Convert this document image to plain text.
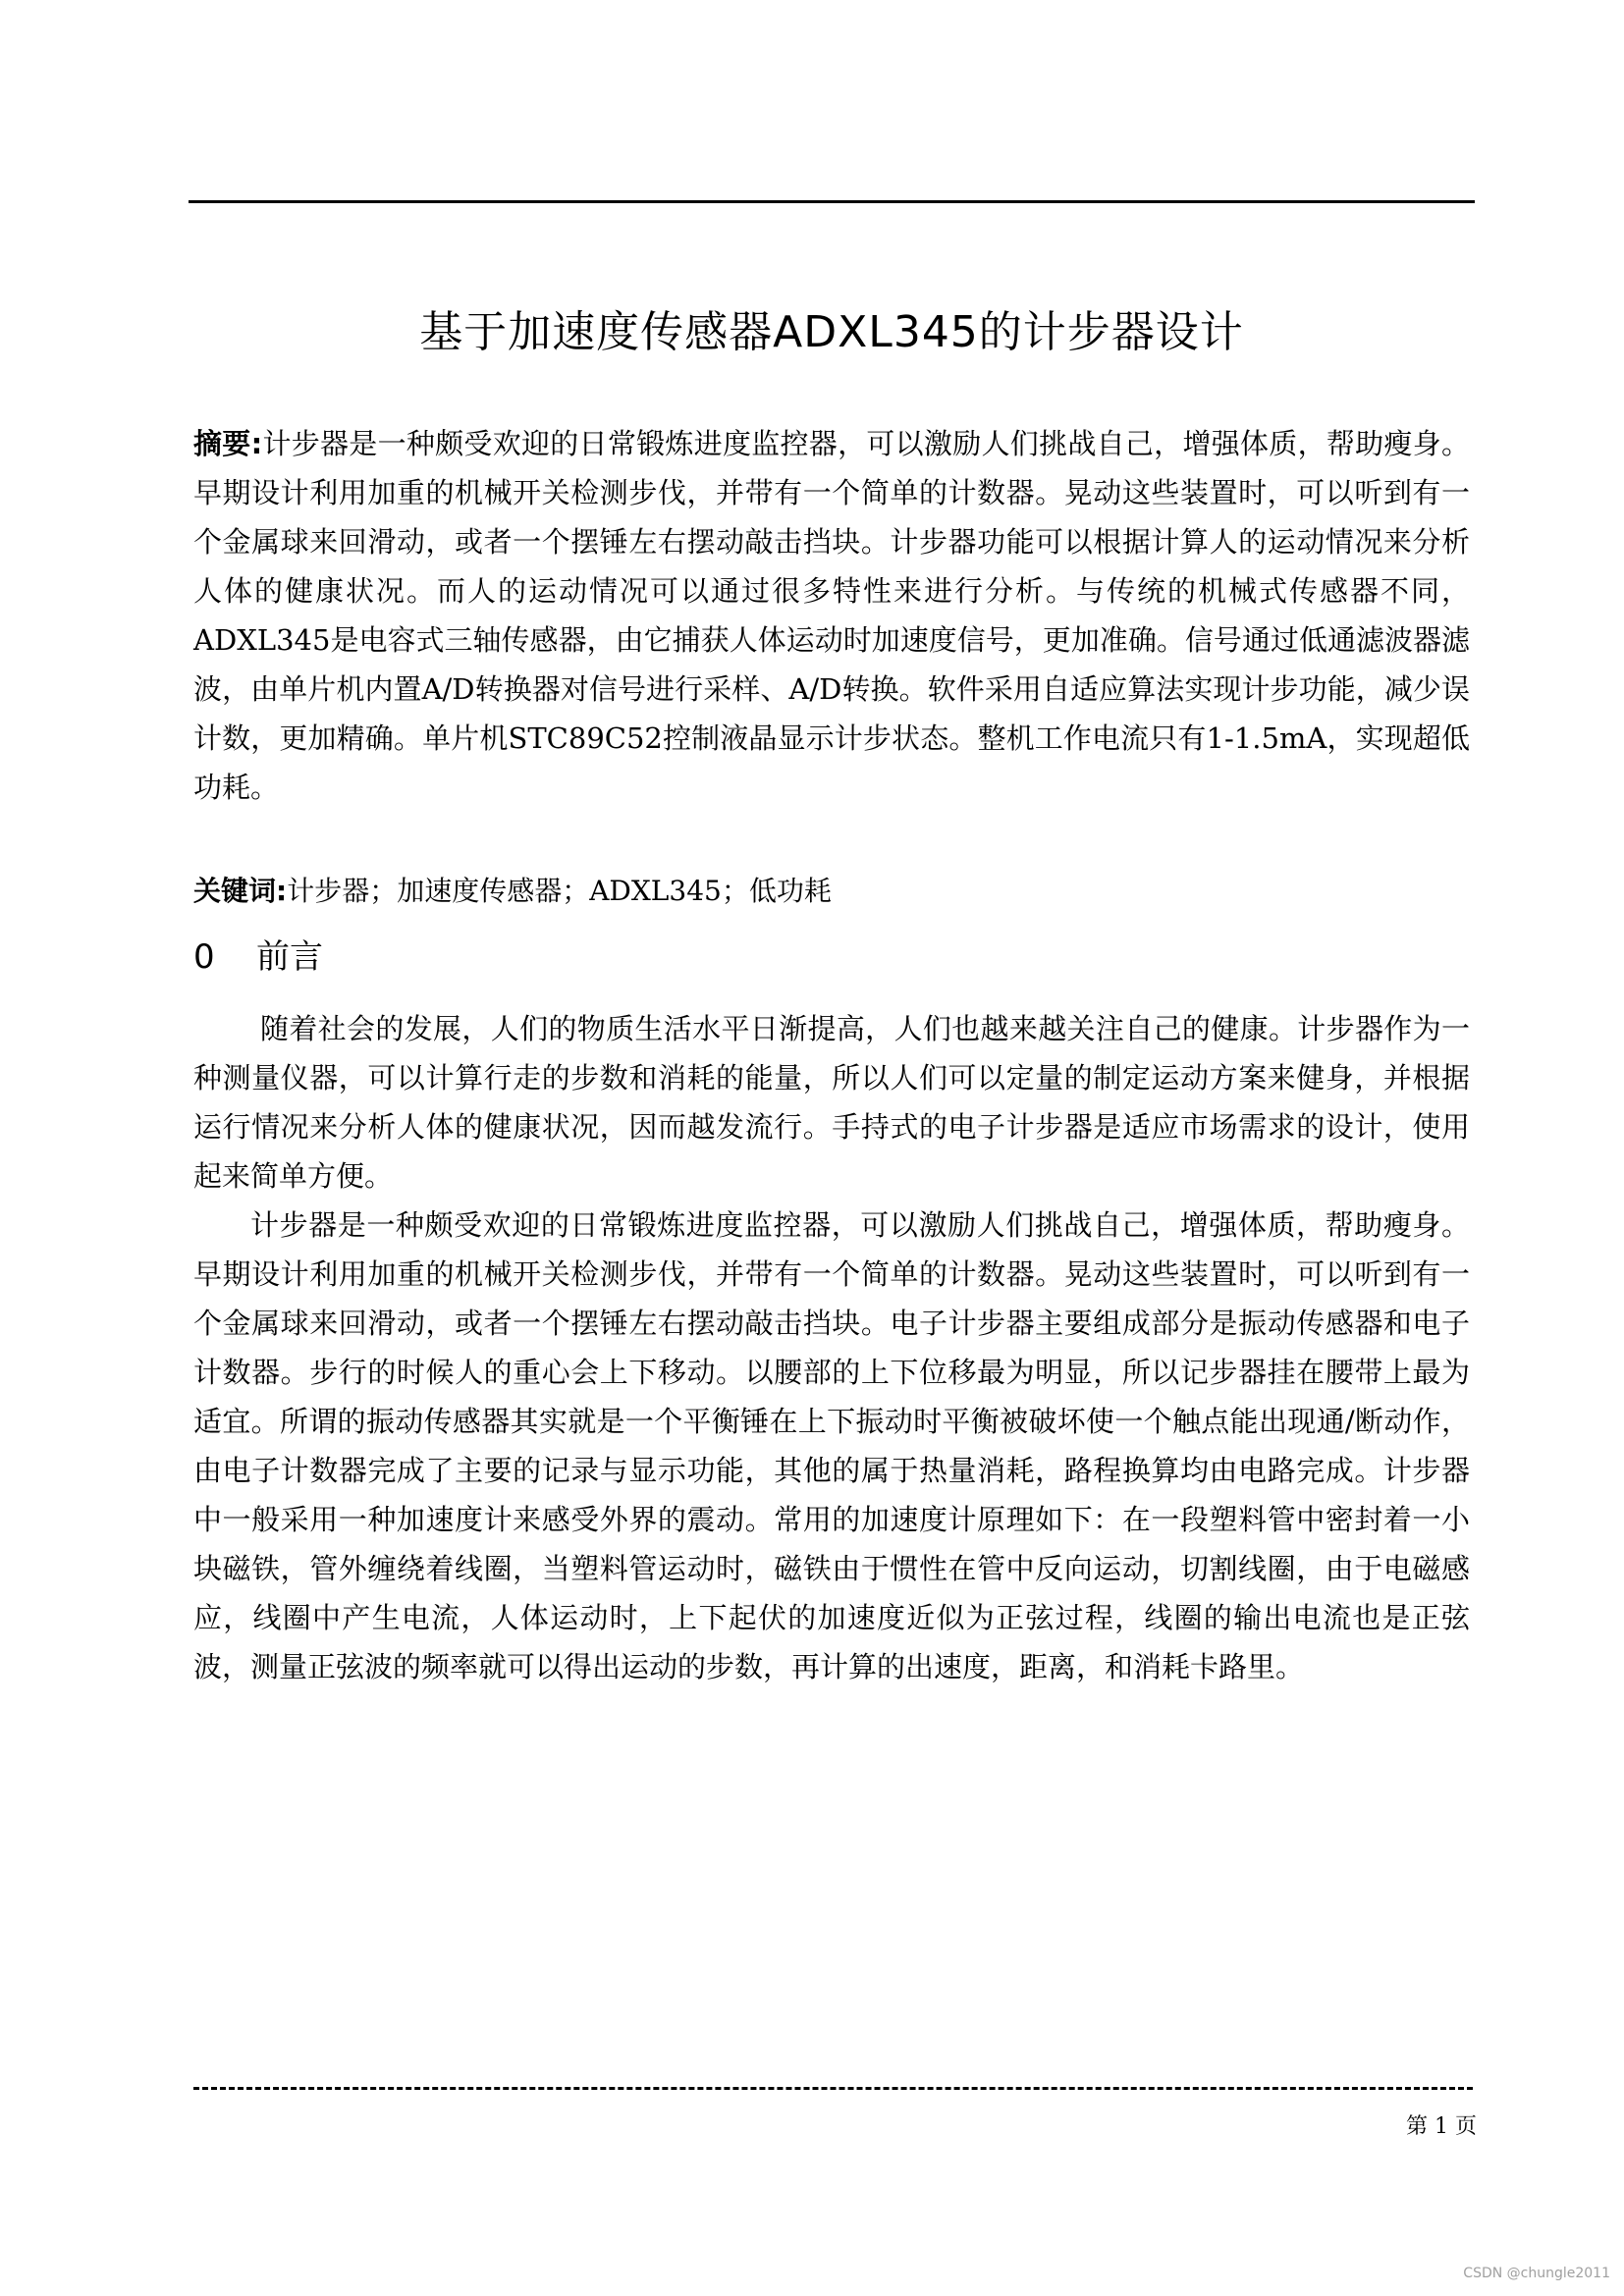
基于加速度传感器ADXL345的计步器设计
摘要:计步器是一种颇受欢迎的日常锻炼进度监控器，可以激励人们挑战自己，增强体质，帮助瘦身。早期设计利用加重的机械开关检测步伐，并带有一个简单的计数器。晃动这些装置时，可以听到有一个金属球来回滑动，或者一个摆锤左右摆动敲击挡块。计步器功能可以根据计算人的运动情况来分析人体的健康状况。而人的运动情况可以通过很多特性来进行分析。与传统的机械式传感器不同，ADXL345是电容式三轴传感器，由它捕获人体运动时加速度信号，更加准确。信号通过低通滤波器滤波，由单片机内置A/D转换器对信号进行采样、A/D转换。软件采用自适应算法实现计步功能，减少误计数，更加精确。单片机STC89C52控制液晶显示计步状态。整机工作电流只有1-1.5mA，实现超低功耗。
关键词:计步器；加速度传感器；ADXL345；低功耗
0 前言

随着社会的发展，人们的物质生活水平日渐提高，人们也越来越关注自己的健康。计步器作为一种测量仪器，可以计算行走的步数和消耗的能量，所以人们可以定量的制定运动方案来健身，并根据运行情况来分析人体的健康状况，因而越发流行。手持式的电子计步器是适应市场需求的设计，使用起来简单方便。

计步器是一种颇受欢迎的日常锻炼进度监控器，可以激励人们挑战自己，增强体质，帮助瘦身。早期设计利用加重的机械开关检测步伐，并带有一个简单的计数器。晃动这些装置时，可以听到有一个金属球来回滑动，或者一个摆锤左右摆动敲击挡块。电子计步器主要组成部分是振动传感器和电子计数器。步行的时候人的重心会上下移动。以腰部的上下位移最为明显，所以记步器挂在腰带上最为适宜。所谓的振动传感器其实就是一个平衡锤在上下振动时平衡被破坏使一个触点能出现通/断动作，由电子计数器完成了主要的记录与显示功能，其他的属于热量消耗，路程换算均由电路完成。计步器中一般采用一种加速度计来感受外界的震动。常用的加速度计原理如下：在一段塑料管中密封着一小块磁铁，管外缠绕着线圈，当塑料管运动时，磁铁由于惯性在管中反向运动，切割线圈，由于电磁感应，线圈中产生电流，人体运动时，上下起伏的加速度近似为正弦过程，线圈的输出电流也是正弦波，测量正弦波的频率就可以得出运动的步数，再计算的出速度，距离，和消耗卡路里。

第 1 页
CSDN @chungle2011
